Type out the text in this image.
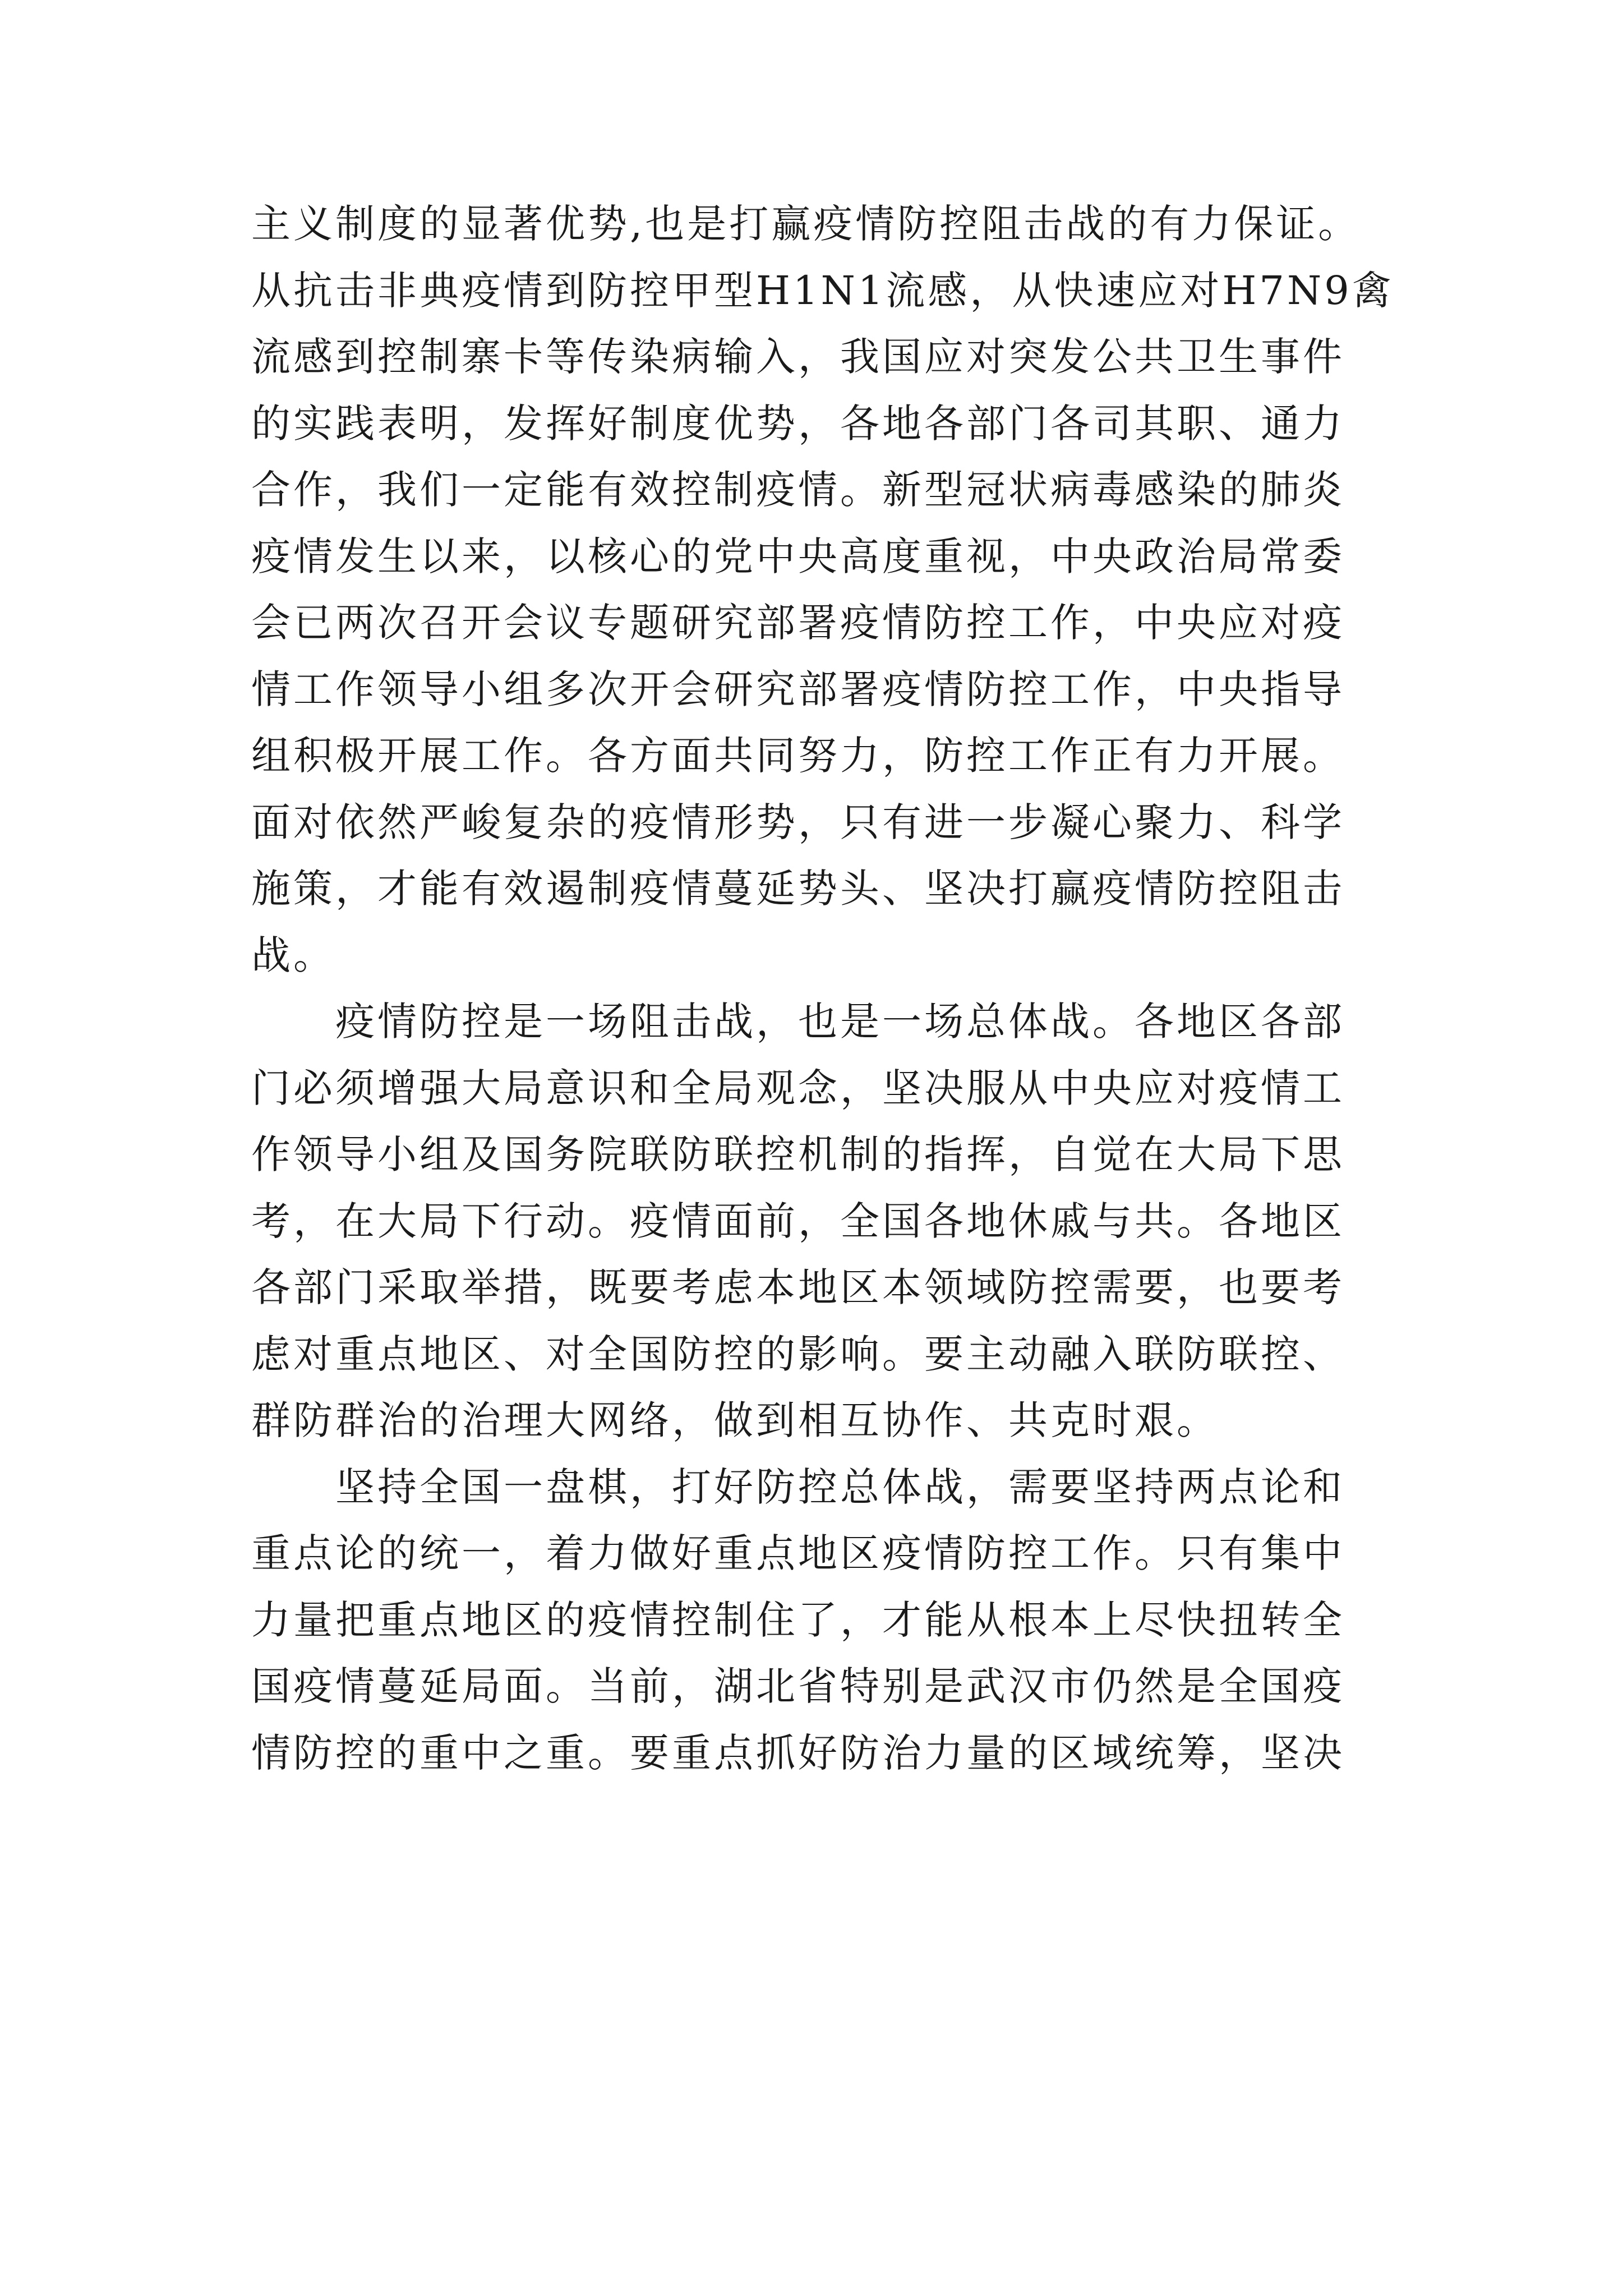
主义制度的显著优势,也是打赢疫情防控阻击战的有力保证。
从抗击非典疫情到防控甲型H1N1流感，从快速应对H7N9禽
流感到控制寨卡等传染病输入，我国应对突发公共卫生事件
的实践表明，发挥好制度优势，各地各部门各司其职、通力
合作，我们一定能有效控制疫情。新型冠状病毒感染的肺炎
疫情发生以来，以核心的党中央高度重视，中央政治局常委
会已两次召开会议专题研究部署疫情防控工作，中央应对疫
情工作领导小组多次开会研究部署疫情防控工作，中央指导
组积极开展工作。各方面共同努力，防控工作正有力开展。
面对依然严峻复杂的疫情形势，只有进一步凝心聚力、科学
施策，才能有效遏制疫情蔓延势头、坚决打赢疫情防控阻击
战。
　　疫情防控是一场阻击战，也是一场总体战。各地区各部
门必须增强大局意识和全局观念，坚决服从中央应对疫情工
作领导小组及国务院联防联控机制的指挥，自觉在大局下思
考，在大局下行动。疫情面前，全国各地休戚与共。各地区
各部门采取举措，既要考虑本地区本领域防控需要，也要考
虑对重点地区、对全国防控的影响。要主动融入联防联控、
群防群治的治理大网络，做到相互协作、共克时艰。
　　坚持全国一盘棋，打好防控总体战，需要坚持两点论和
重点论的统一，着力做好重点地区疫情防控工作。只有集中
力量把重点地区的疫情控制住了，才能从根本上尽快扭转全
国疫情蔓延局面。当前，湖北省特别是武汉市仍然是全国疫
情防控的重中之重。要重点抓好防治力量的区域统筹，坚决
